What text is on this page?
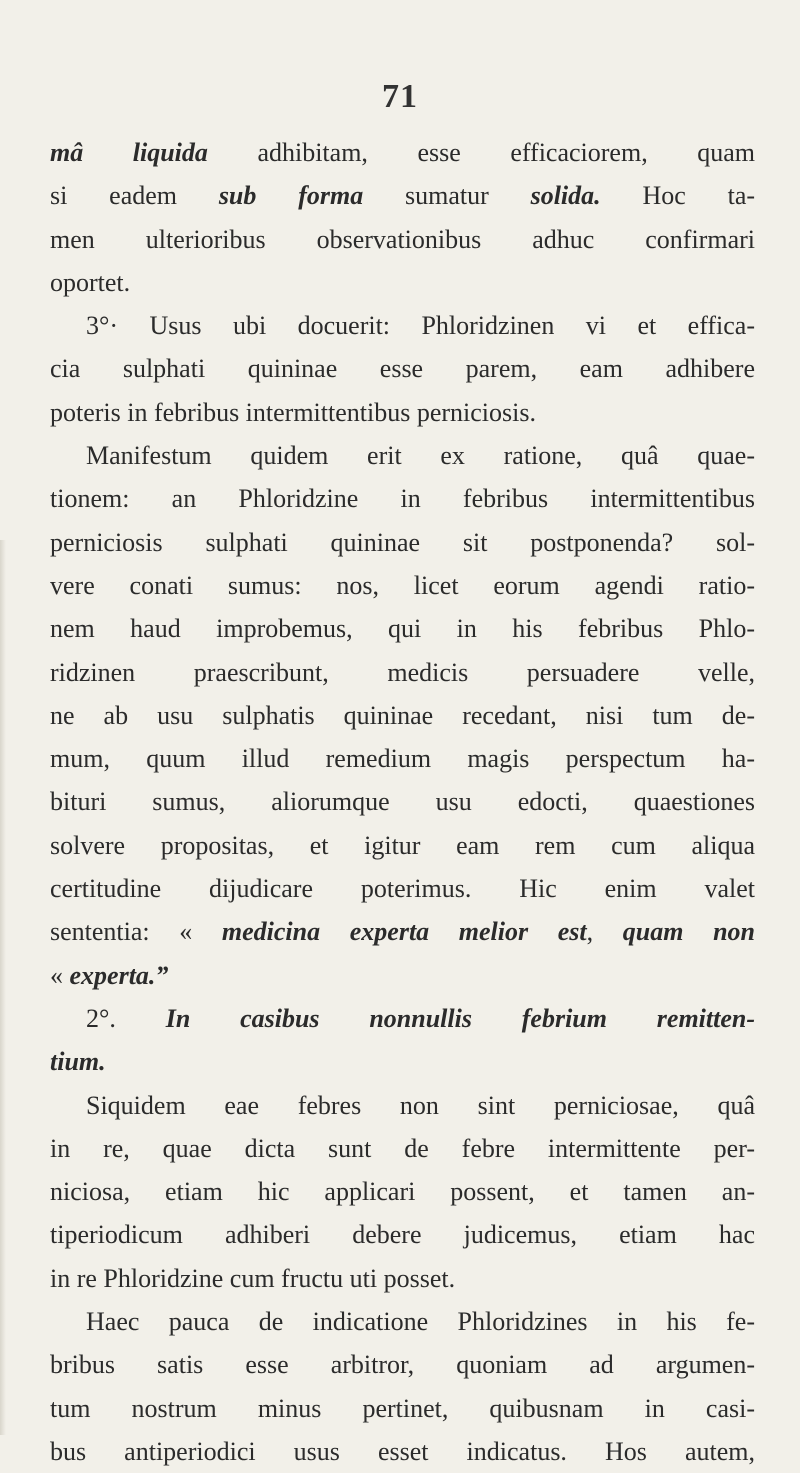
71
mâ liquida adhibitam, esse efficaciorem, quam
si eadem sub forma sumatur solida. Hoc ta-
men ulterioribus observationibus adhuc confirmari
oportet.
3°· Usus ubi docuerit: Phloridzinen vi et effica-
cia sulphati quininae esse parem, eam adhibere
poteris in febribus intermittentibus perniciosis.
Manifestum quidem erit ex ratione, quâ quae-
tionem: an Phloridzine in febribus intermittentibus
perniciosis sulphati quininae sit postponenda? sol-
vere conati sumus: nos, licet eorum agendi ratio-
nem haud improbemus, qui in his febribus Phlo-
ridzinen praescribunt, medicis persuadere velle,
ne ab usu sulphatis quininae recedant, nisi tum de-
mum, quum illud remedium magis perspectum ha-
bituri sumus, aliorumque usu edocti, quaestiones
solvere propositas, et igitur eam rem cum aliqua
certitudine dijudicare poterimus. Hic enim valet
sententia: « medicina experta melior est, quam non
« experta.”
2°. In casibus nonnullis febrium remitten-
tium.
Siquidem eae febres non sint perniciosae, quâ
in re, quae dicta sunt de febre intermittente per-
niciosa, etiam hic applicari possent, et tamen an-
tiperiodicum adhiberi debere judicemus, etiam hac
in re Phloridzine cum fructu uti posset.
Haec pauca de indicatione Phloridzines in his fe-
bribus satis esse arbitror, quoniam ad argumen-
tum nostrum minus pertinet, quibusnam in casi-
bus antiperiodici usus esset indicatus. Hos autem,
